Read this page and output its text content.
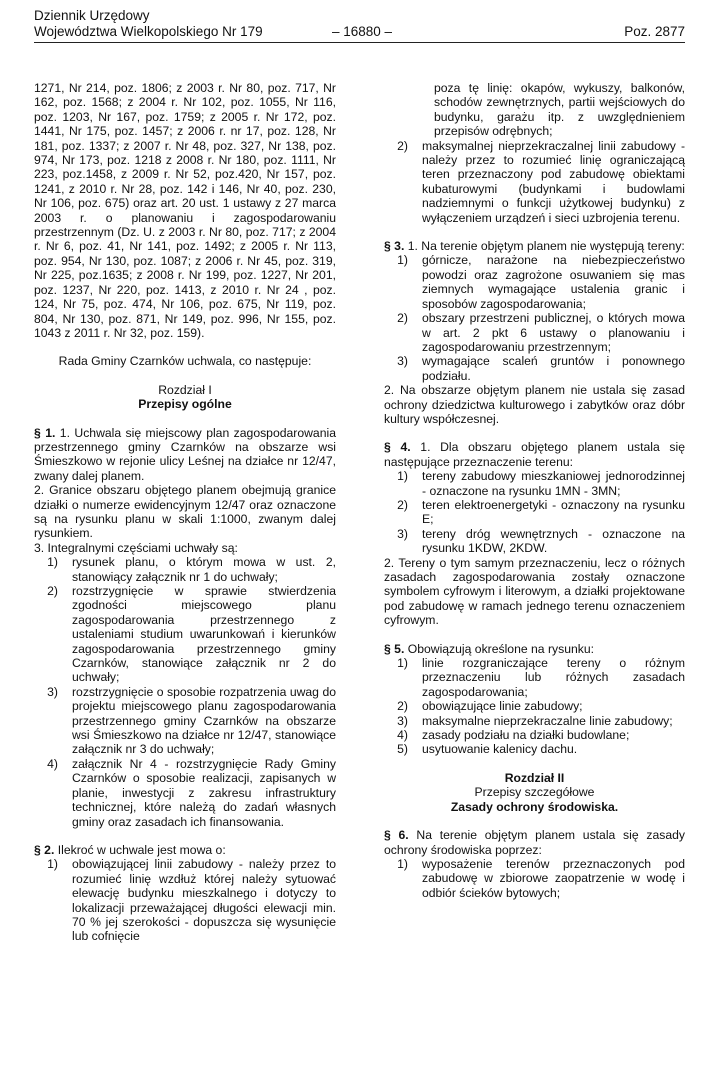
Dziennik Urzędowy
Województwa Wielkopolskiego Nr 179	Poz. 2877
– 16880 –

1271, Nr 214, poz. 1806; z 2003 r. Nr 80, poz. 717, Nr 162, poz. 1568; z 2004 r. Nr 102, poz. 1055, Nr 116, poz. 1203, Nr 167, poz. 1759; z 2005 r. Nr 172, poz. 1441, Nr 175, poz. 1457; z 2006 r. nr 17, poz. 128, Nr 181, poz. 1337; z 2007 r. Nr 48, poz. 327, Nr 138, poz. 974, Nr 173, poz. 1218 z 2008 r. Nr 180, poz. 1111, Nr 223, poz.1458, z 2009 r. Nr 52, poz.420, Nr 157, poz. 1241, z 2010 r. Nr 28, poz. 142 i 146, Nr 40, poz. 230, Nr 106, poz. 675) oraz art. 20 ust. 1 ustawy z 27 marca 2003 r. o planowaniu i zagospodarowaniu przestrzennym (Dz. U. z 2003 r. Nr 80, poz. 717; z 2004 r. Nr 6, poz. 41, Nr 141, poz. 1492; z 2005 r. Nr 113, poz. 954, Nr 130, poz. 1087; z 2006 r. Nr 45, poz. 319, Nr 225, poz.1635; z 2008 r. Nr 199, poz. 1227, Nr 201, poz. 1237, Nr 220, poz. 1413, z 2010 r. Nr 24 , poz. 124, Nr 75, poz. 474, Nr 106, poz. 675, Nr 119, poz. 804, Nr 130, poz. 871, Nr 149, poz. 996, Nr 155, poz. 1043 z 2011 r. Nr 32, poz. 159).

Rada Gminy Czarnków uchwala, co następuje:

Rozdział I

Przepisy ogólne

§ 1. 1. Uchwala się miejscowy plan zagospodarowania przestrzennego gminy Czarnków na obszarze wsi Śmieszkowo w rejonie ulicy Leśnej na działce nr 12/47, zwany dalej planem.

2. Granice obszaru objętego planem obejmują granice działki o numerze ewidencyjnym 12/47 oraz oznaczone są na rysunku planu w skali 1:1000, zwanym dalej rysunkiem.

3. Integralnymi częściami uchwały są:

1)	rysunek planu, o którym mowa w ust. 2, stanowiący załącznik nr 1 do uchwały;
2)	rozstrzygnięcie w sprawie stwierdzenia zgodności miejscowego planu zagospodarowania przestrzennego z ustaleniami studium uwarunkowań i kierunków zagospodarowania przestrzennego gminy Czarnków, stanowiące załącznik nr 2 do uchwały;
3)	rozstrzygnięcie o sposobie rozpatrzenia uwag do projektu miejscowego planu zagospodarowania przestrzennego gminy Czarnków na obszarze wsi Śmieszkowo na działce nr 12/47, stanowiące załącznik nr 3 do uchwały;
4)	załącznik Nr 4 - rozstrzygnięcie Rady Gminy Czarnków o sposobie realizacji, zapisanych w planie, inwestycji z zakresu infrastruktury technicznej, które należą do zadań własnych gminy oraz zasadach ich finansowania.

§ 2. Ilekroć w uchwale jest mowa o:

1)	obowiązującej linii zabudowy - należy przez to rozumieć linię wzdłuż której należy sytuować elewację budynku mieszkalnego i dotyczy to lokalizacji przeważającej długości elewacji min. 70 % jej szerokości - dopuszcza się wysunięcie lub cofnięcie

poza tę linię: okapów, wykuszy, balkonów, schodów zewnętrznych, partii wejściowych do budynku, garażu itp. z uwzględnieniem przepisów odrębnych;

2)	maksymalnej nieprzekraczalnej linii zabudowy - należy przez to rozumieć linię ograniczającą teren przeznaczony pod zabudowę obiektami kubaturowymi (budynkami i budowlami nadziemnymi o funkcji użytkowej budynku) z wyłączeniem urządzeń i sieci uzbrojenia terenu.

§ 3. 1. Na terenie objętym planem nie występują tereny:

1)	górnicze, narażone na niebezpieczeństwo powodzi oraz zagrożone osuwaniem się mas ziemnych wymagające ustalenia granic i sposobów zagospodarowania;
2)	obszary przestrzeni publicznej, o których mowa w art. 2 pkt 6 ustawy o planowaniu i zagospodarowaniu przestrzennym;
3)	wymagające scaleń gruntów i ponownego podziału.

2. Na obszarze objętym planem nie ustala się zasad ochrony dziedzictwa kulturowego i zabytków oraz dóbr kultury współczesnej.

§ 4. 1. Dla obszaru objętego planem ustala się następujące przeznaczenie terenu:

1)	tereny zabudowy mieszkaniowej jednorodzinnej - oznaczone na rysunku 1MN - 3MN;
2)	teren elektroenergetyki - oznaczony na rysunku E;
3)	tereny dróg wewnętrznych - oznaczone na rysunku 1KDW, 2KDW.

2. Tereny o tym samym przeznaczeniu, lecz o różnych zasadach zagospodarowania zostały oznaczone symbolem cyfrowym i literowym, a działki projektowane pod zabudowę w ramach jednego terenu oznaczeniem cyfrowym.

§ 5. Obowiązują określone na rysunku:

1)	linie rozgraniczające tereny o różnym przeznaczeniu lub różnych zasadach zagospodarowania;
2)	obowiązujące linie zabudowy;
3)	maksymalne nieprzekraczalne linie zabudowy;
4)	zasady podziału na działki budowlane;
5)	usytuowanie kalenicy dachu.

Rozdział II

Przepisy szczegółowe

Zasady ochrony środowiska.

§ 6. Na terenie objętym planem ustala się zasady ochrony środowiska poprzez:

1)	wyposażenie terenów przeznaczonych pod zabudowę w zbiorowe zaopatrzenie w wodę i odbiór ścieków bytowych;
